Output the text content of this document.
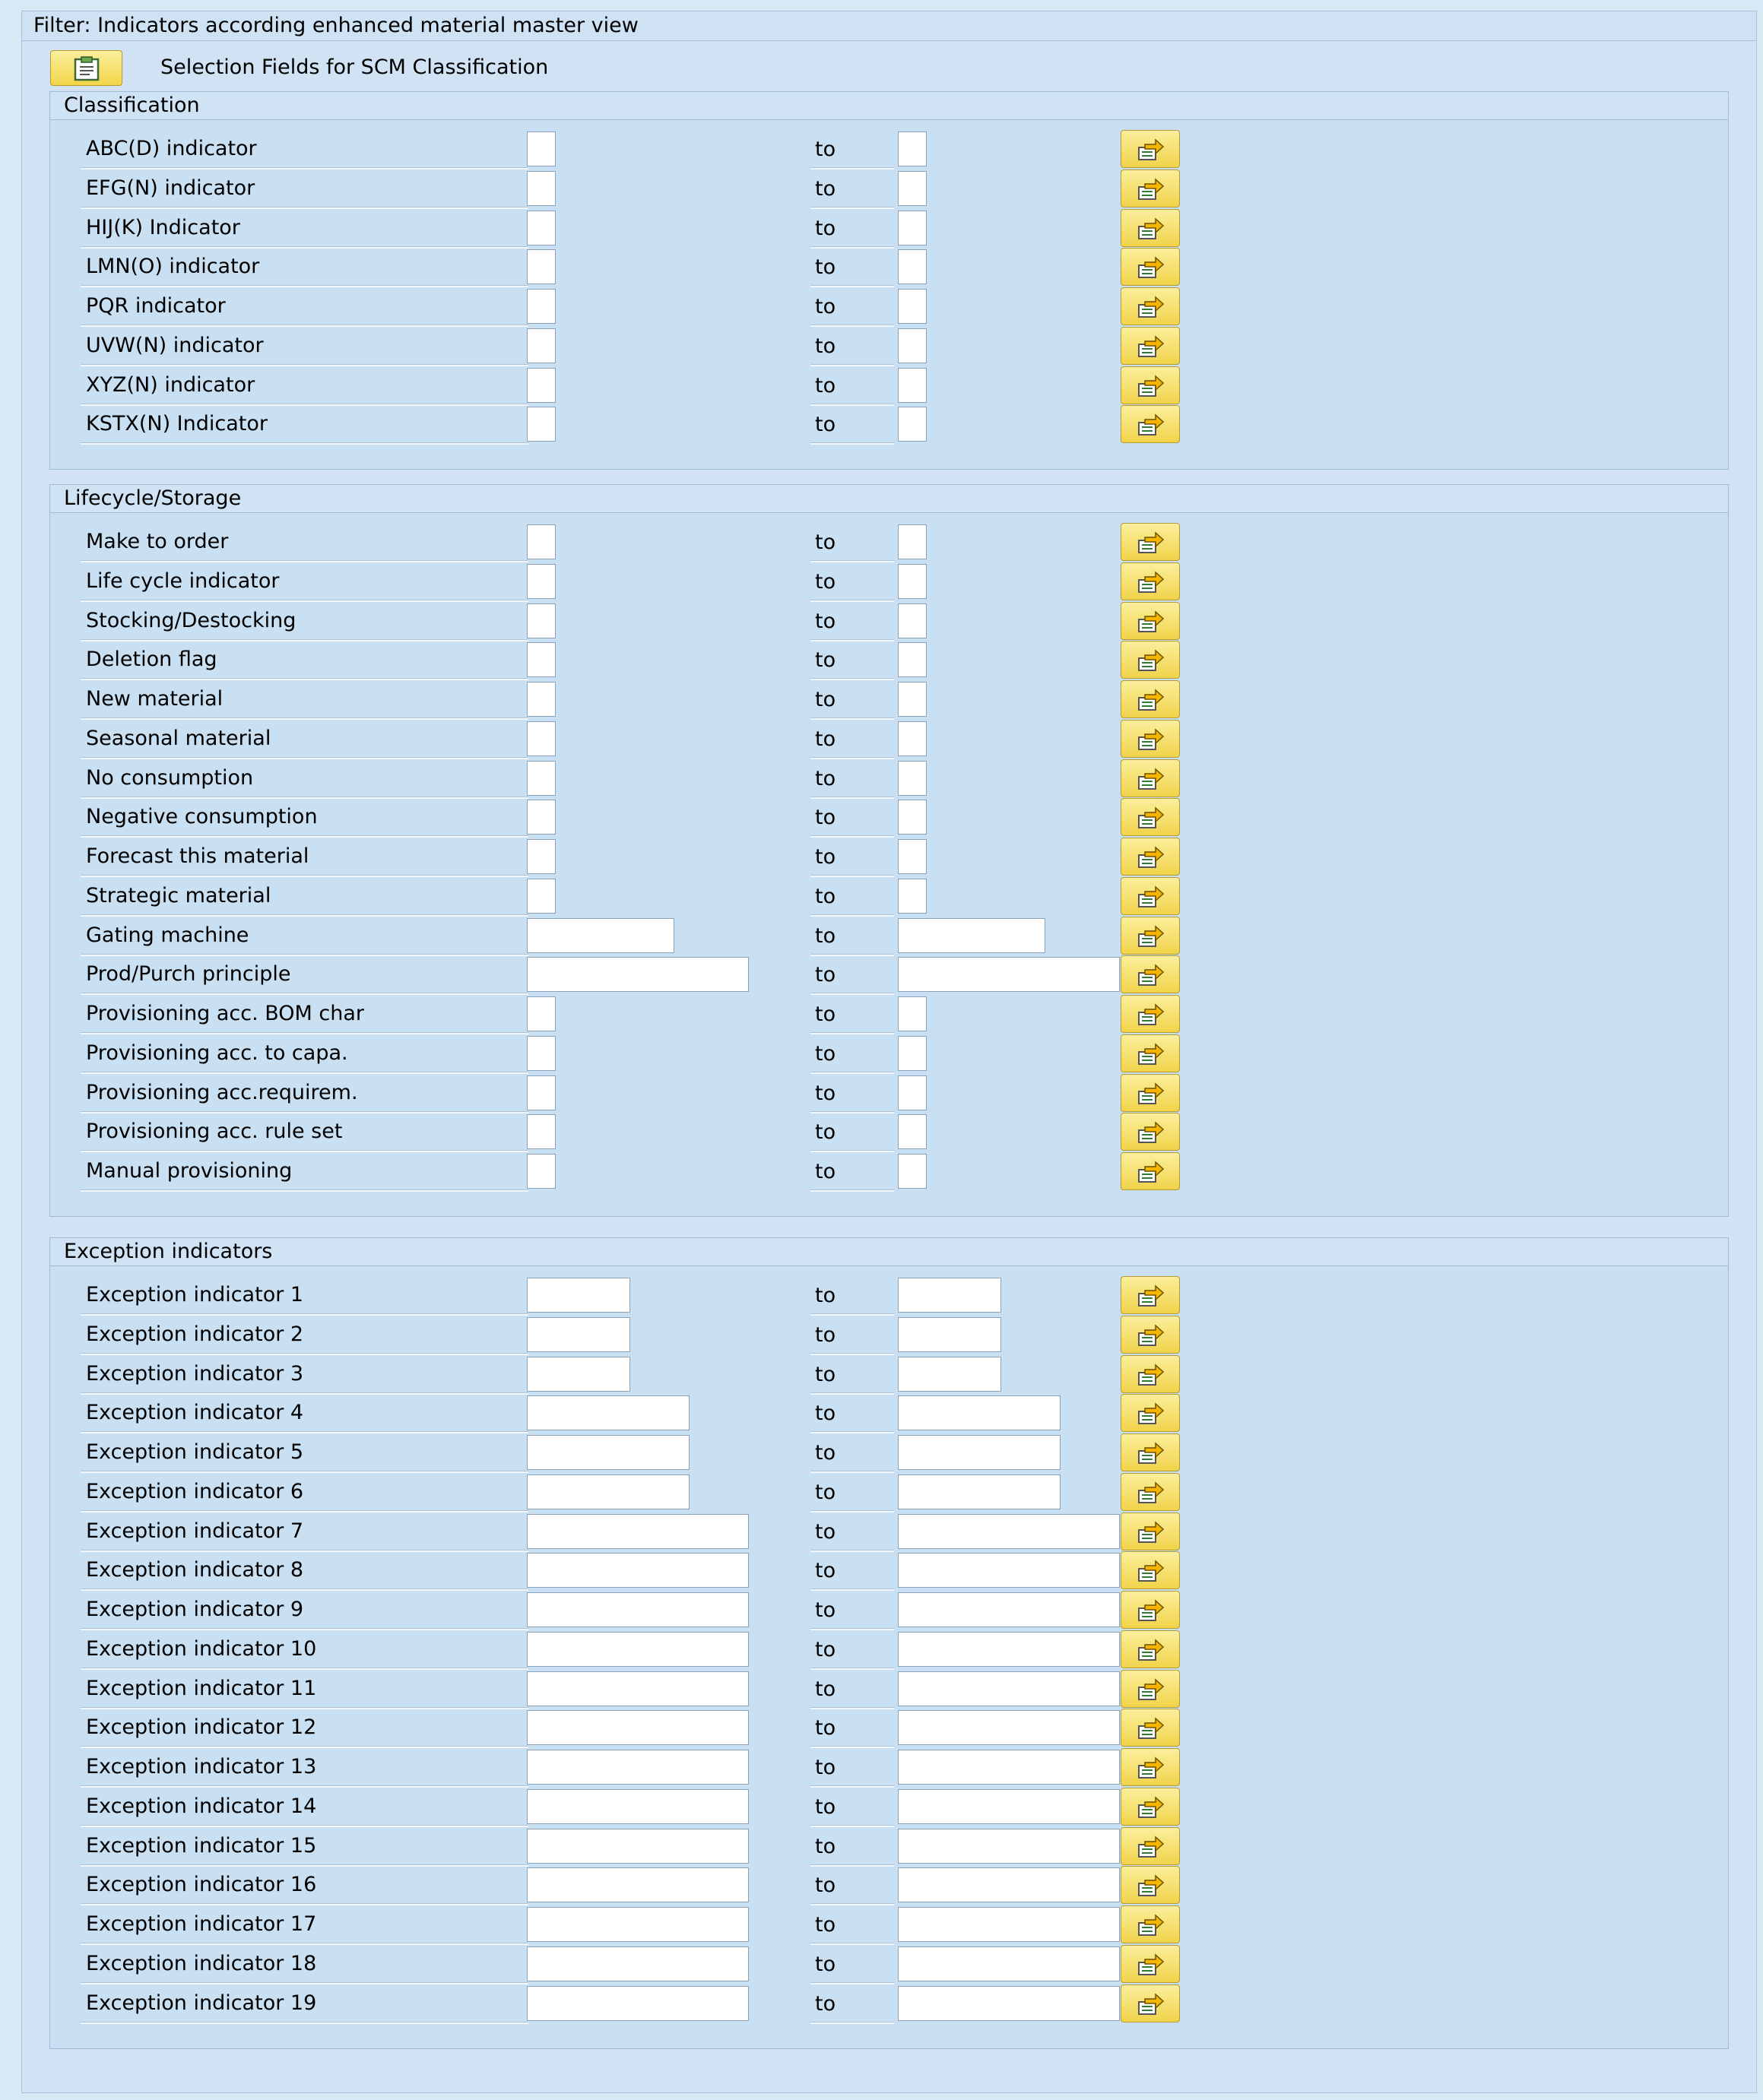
Filter: Indicators according enhanced material master view
Selection Fields for SCM Classification
Classification
ABC(D) indicator	to
EFG(N) indicator	to
HIJ(K) Indicator	to
LMN(O) indicator	to
PQR indicator	to
UVW(N) indicator	to
XYZ(N) indicator	to
KSTX(N) Indicator	to
Lifecycle/Storage
Make to order	to
Life cycle indicator	to
Stocking/Destocking	to
Deletion flag	to
New material	to
Seasonal material	to
No consumption	to
Negative consumption	to
Forecast this material	to
Strategic material	to
Gating machine	to
Prod/Purch principle	to
Provisioning acc. BOM char	to
Provisioning acc. to capa.	to
Provisioning acc.requirem.	to
Provisioning acc. rule set	to
Manual provisioning	to
Exception indicators
Exception indicator 1	to
Exception indicator 2	to
Exception indicator 3	to
Exception indicator 4	to
Exception indicator 5	to
Exception indicator 6	to
Exception indicator 7	to
Exception indicator 8	to
Exception indicator 9	to
Exception indicator 10	to
Exception indicator 11	to
Exception indicator 12	to
Exception indicator 13	to
Exception indicator 14	to
Exception indicator 15	to
Exception indicator 16	to
Exception indicator 17	to
Exception indicator 18	to
Exception indicator 19	to
